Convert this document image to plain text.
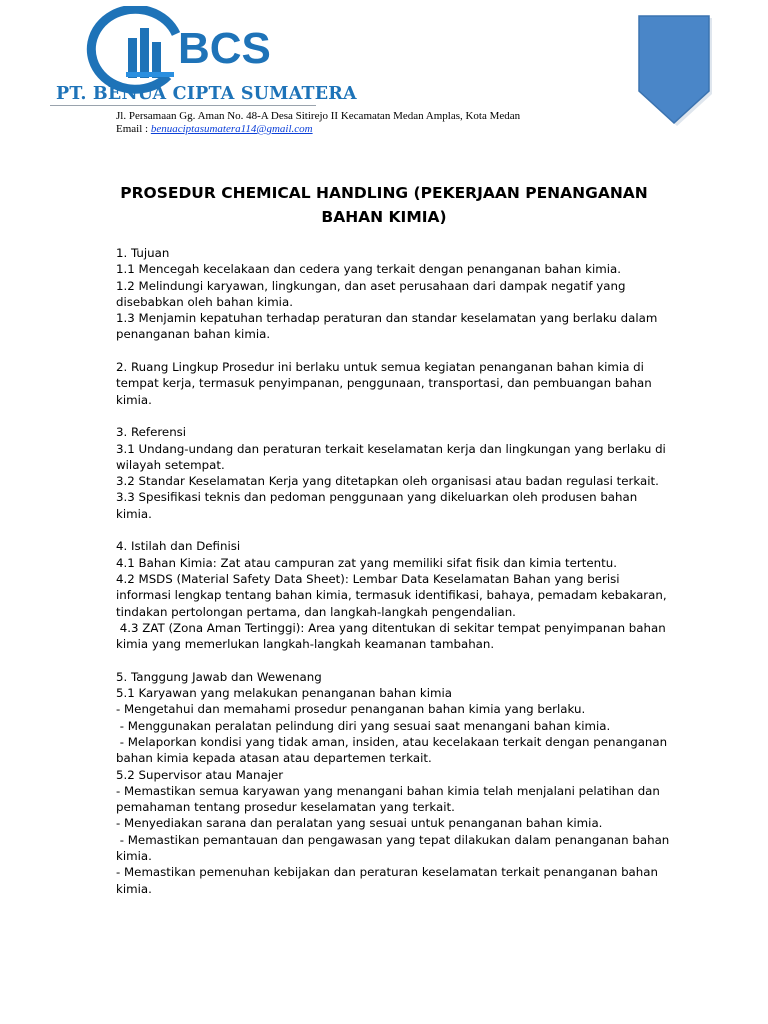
BCS
PT. BENUA CIPTA SUMATERA
Jl. Persamaan Gg. Aman No. 48-A Desa Sitirejo II Kecamatan Medan Amplas, Kota Medan
Email : benuaciptasumatera114@gmail.com
PROSEDUR CHEMICAL HANDLING (PEKERJAAN PENANGANAN
BAHAN KIMIA)

1. Tujuan

1.1 Mencegah kecelakaan dan cedera yang terkait dengan penanganan bahan kimia.

1.2 Melindungi karyawan, lingkungan, dan aset perusahaan dari dampak negatif yang

disebabkan oleh bahan kimia.

1.3 Menjamin kepatuhan terhadap peraturan dan standar keselamatan yang berlaku dalam

penanganan bahan kimia.

2. Ruang Lingkup Prosedur ini berlaku untuk semua kegiatan penanganan bahan kimia di

tempat kerja, termasuk penyimpanan, penggunaan, transportasi, dan pembuangan bahan

kimia.

3. Referensi

3.1 Undang-undang dan peraturan terkait keselamatan kerja dan lingkungan yang berlaku di

wilayah setempat.

3.2 Standar Keselamatan Kerja yang ditetapkan oleh organisasi atau badan regulasi terkait.

3.3 Spesifikasi teknis dan pedoman penggunaan yang dikeluarkan oleh produsen bahan

kimia.

4. Istilah dan Definisi

4.1 Bahan Kimia: Zat atau campuran zat yang memiliki sifat fisik dan kimia tertentu.

4.2 MSDS (Material Safety Data Sheet): Lembar Data Keselamatan Bahan yang berisi

informasi lengkap tentang bahan kimia, termasuk identifikasi, bahaya, pemadam kebakaran,

tindakan pertolongan pertama, dan langkah-langkah pengendalian.

4.3 ZAT (Zona Aman Tertinggi): Area yang ditentukan di sekitar tempat penyimpanan bahan

kimia yang memerlukan langkah-langkah keamanan tambahan.

5. Tanggung Jawab dan Wewenang

5.1 Karyawan yang melakukan penanganan bahan kimia

- Mengetahui dan memahami prosedur penanganan bahan kimia yang berlaku.

- Menggunakan peralatan pelindung diri yang sesuai saat menangani bahan kimia.

- Melaporkan kondisi yang tidak aman, insiden, atau kecelakaan terkait dengan penanganan

bahan kimia kepada atasan atau departemen terkait.

5.2 Supervisor atau Manajer

- Memastikan semua karyawan yang menangani bahan kimia telah menjalani pelatihan dan

pemahaman tentang prosedur keselamatan yang terkait.

- Menyediakan sarana dan peralatan yang sesuai untuk penanganan bahan kimia.

- Memastikan pemantauan dan pengawasan yang tepat dilakukan dalam penanganan bahan

kimia.

- Memastikan pemenuhan kebijakan dan peraturan keselamatan terkait penanganan bahan

kimia.
